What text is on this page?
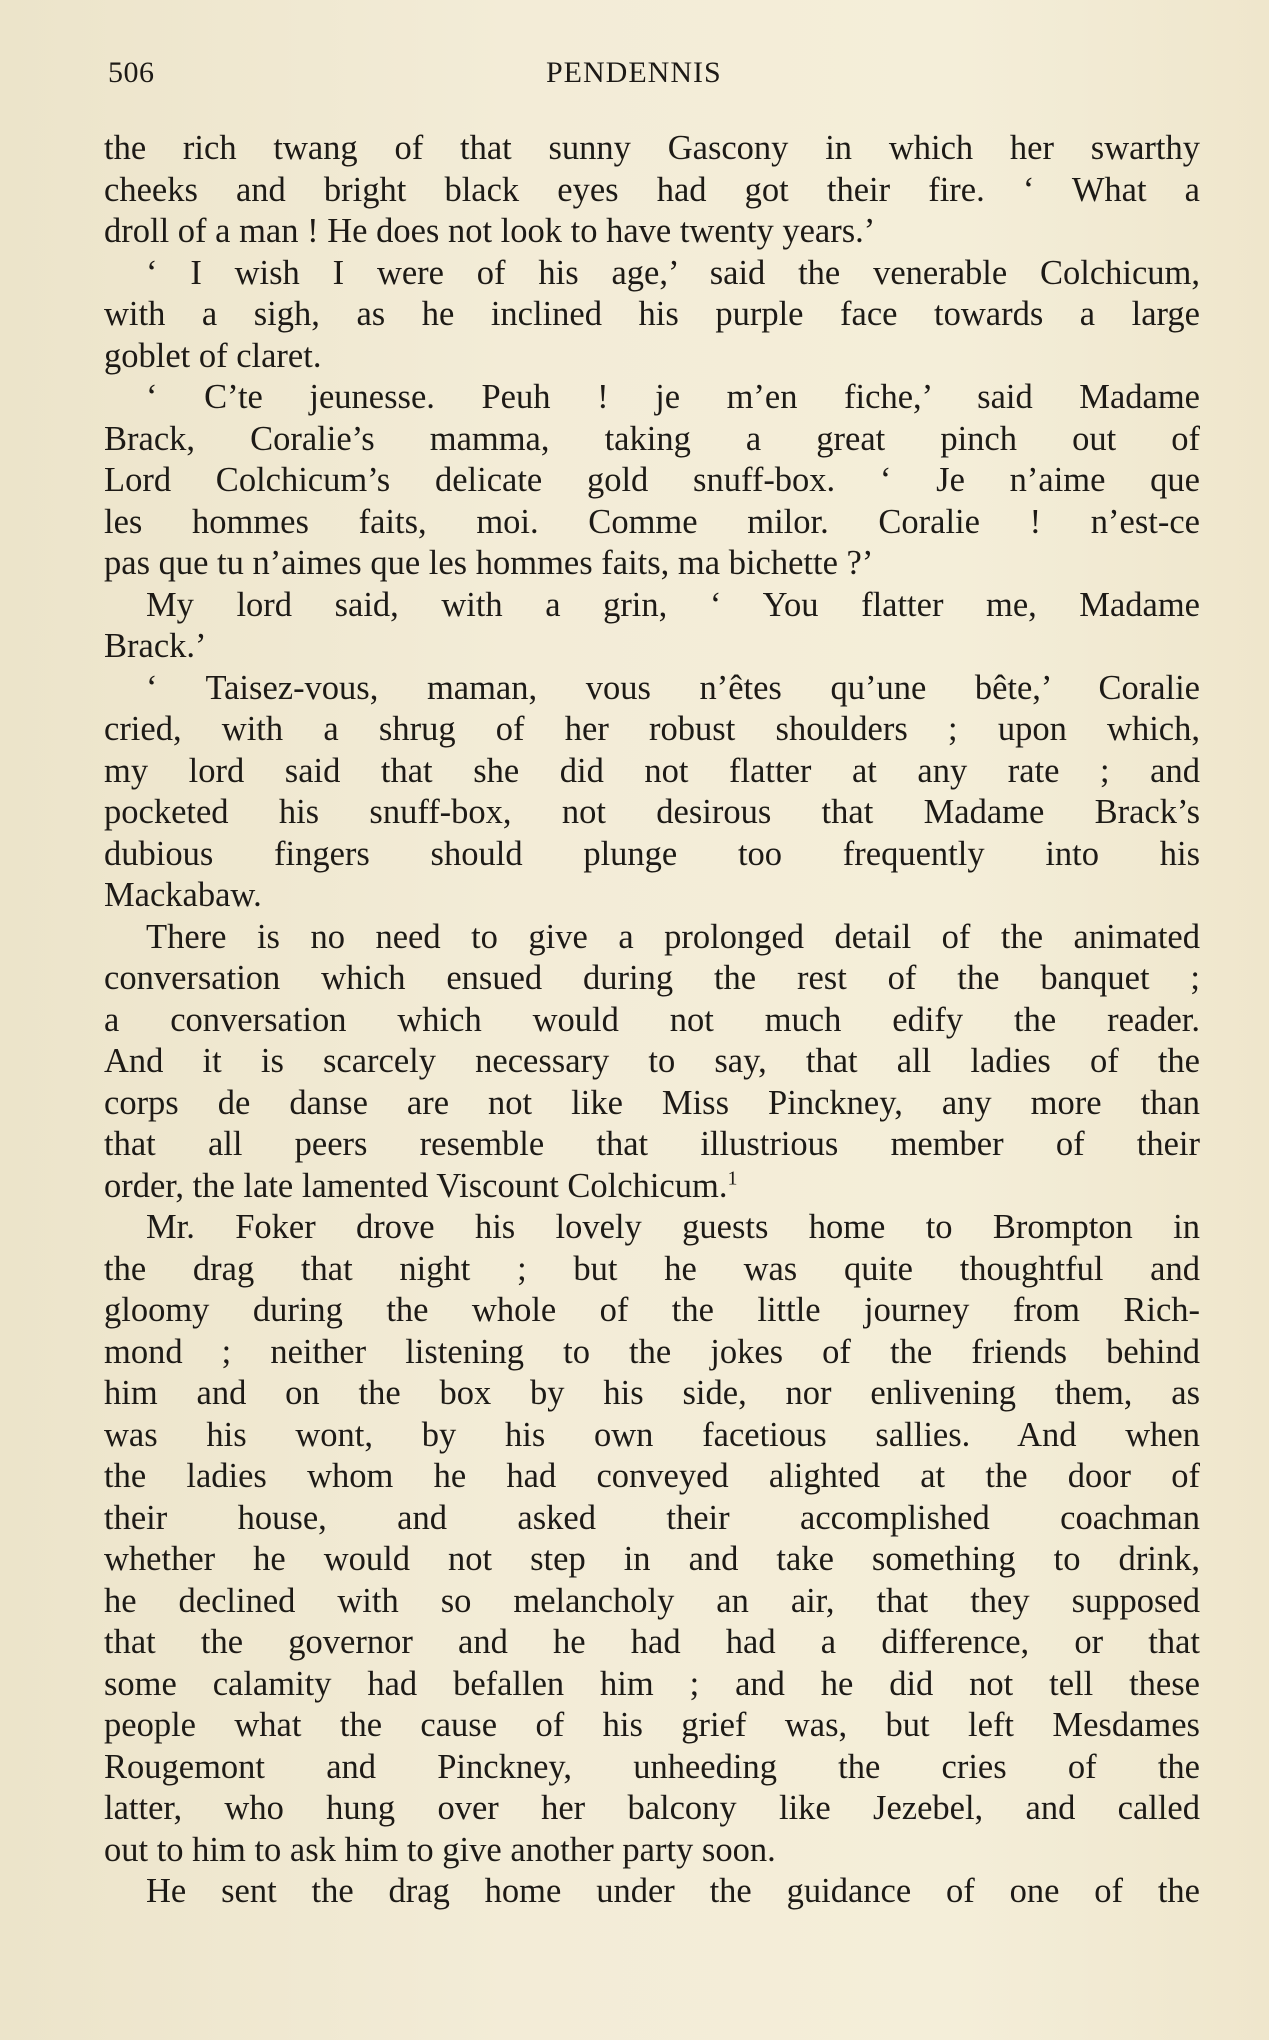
506	PENDENNIS
the rich twang of that sunny Gascony in which her swarthy
cheeks and bright black eyes had got their fire. ‘ What a
droll of a man ! He does not look to have twenty years.’
‘ I wish I were of his age,’ said the venerable Colchicum,
with a sigh, as he inclined his purple face towards a large
goblet of claret.
‘ C’te jeunesse. Peuh ! je m’en fiche,’ said Madame
Brack, Coralie’s mamma, taking a great pinch out of
Lord Colchicum’s delicate gold snuff-box. ‘ Je n’aime que
les hommes faits, moi. Comme milor. Coralie ! n’est-ce
pas que tu n’aimes que les hommes faits, ma bichette ?’
My lord said, with a grin, ‘ You flatter me, Madame
Brack.’
‘ Taisez-vous, maman, vous n’êtes qu’une bête,’ Coralie
cried, with a shrug of her robust shoulders ; upon which,
my lord said that she did not flatter at any rate ; and
pocketed his snuff-box, not desirous that Madame Brack’s
dubious fingers should plunge too frequently into his
Mackabaw.
There is no need to give a prolonged detail of the animated
conversation which ensued during the rest of the banquet ;
a conversation which would not much edify the reader.
And it is scarcely necessary to say, that all ladies of the
corps de danse are not like Miss Pinckney, any more than
that all peers resemble that illustrious member of their
order, the late lamented Viscount Colchicum.$^1$
Mr. Foker drove his lovely guests home to Brompton in
the drag that night ; but he was quite thoughtful and
gloomy during the whole of the little journey from Rich-
mond ; neither listening to the jokes of the friends behind
him and on the box by his side, nor enlivening them, as
was his wont, by his own facetious sallies. And when
the ladies whom he had conveyed alighted at the door of
their house, and asked their accomplished coachman
whether he would not step in and take something to drink,
he declined with so melancholy an air, that they supposed
that the governor and he had had a difference, or that
some calamity had befallen him ; and he did not tell these
people what the cause of his grief was, but left Mesdames
Rougemont and Pinckney, unheeding the cries of the
latter, who hung over her balcony like Jezebel, and called
out to him to ask him to give another party soon.
He sent the drag home under the guidance of one of the
